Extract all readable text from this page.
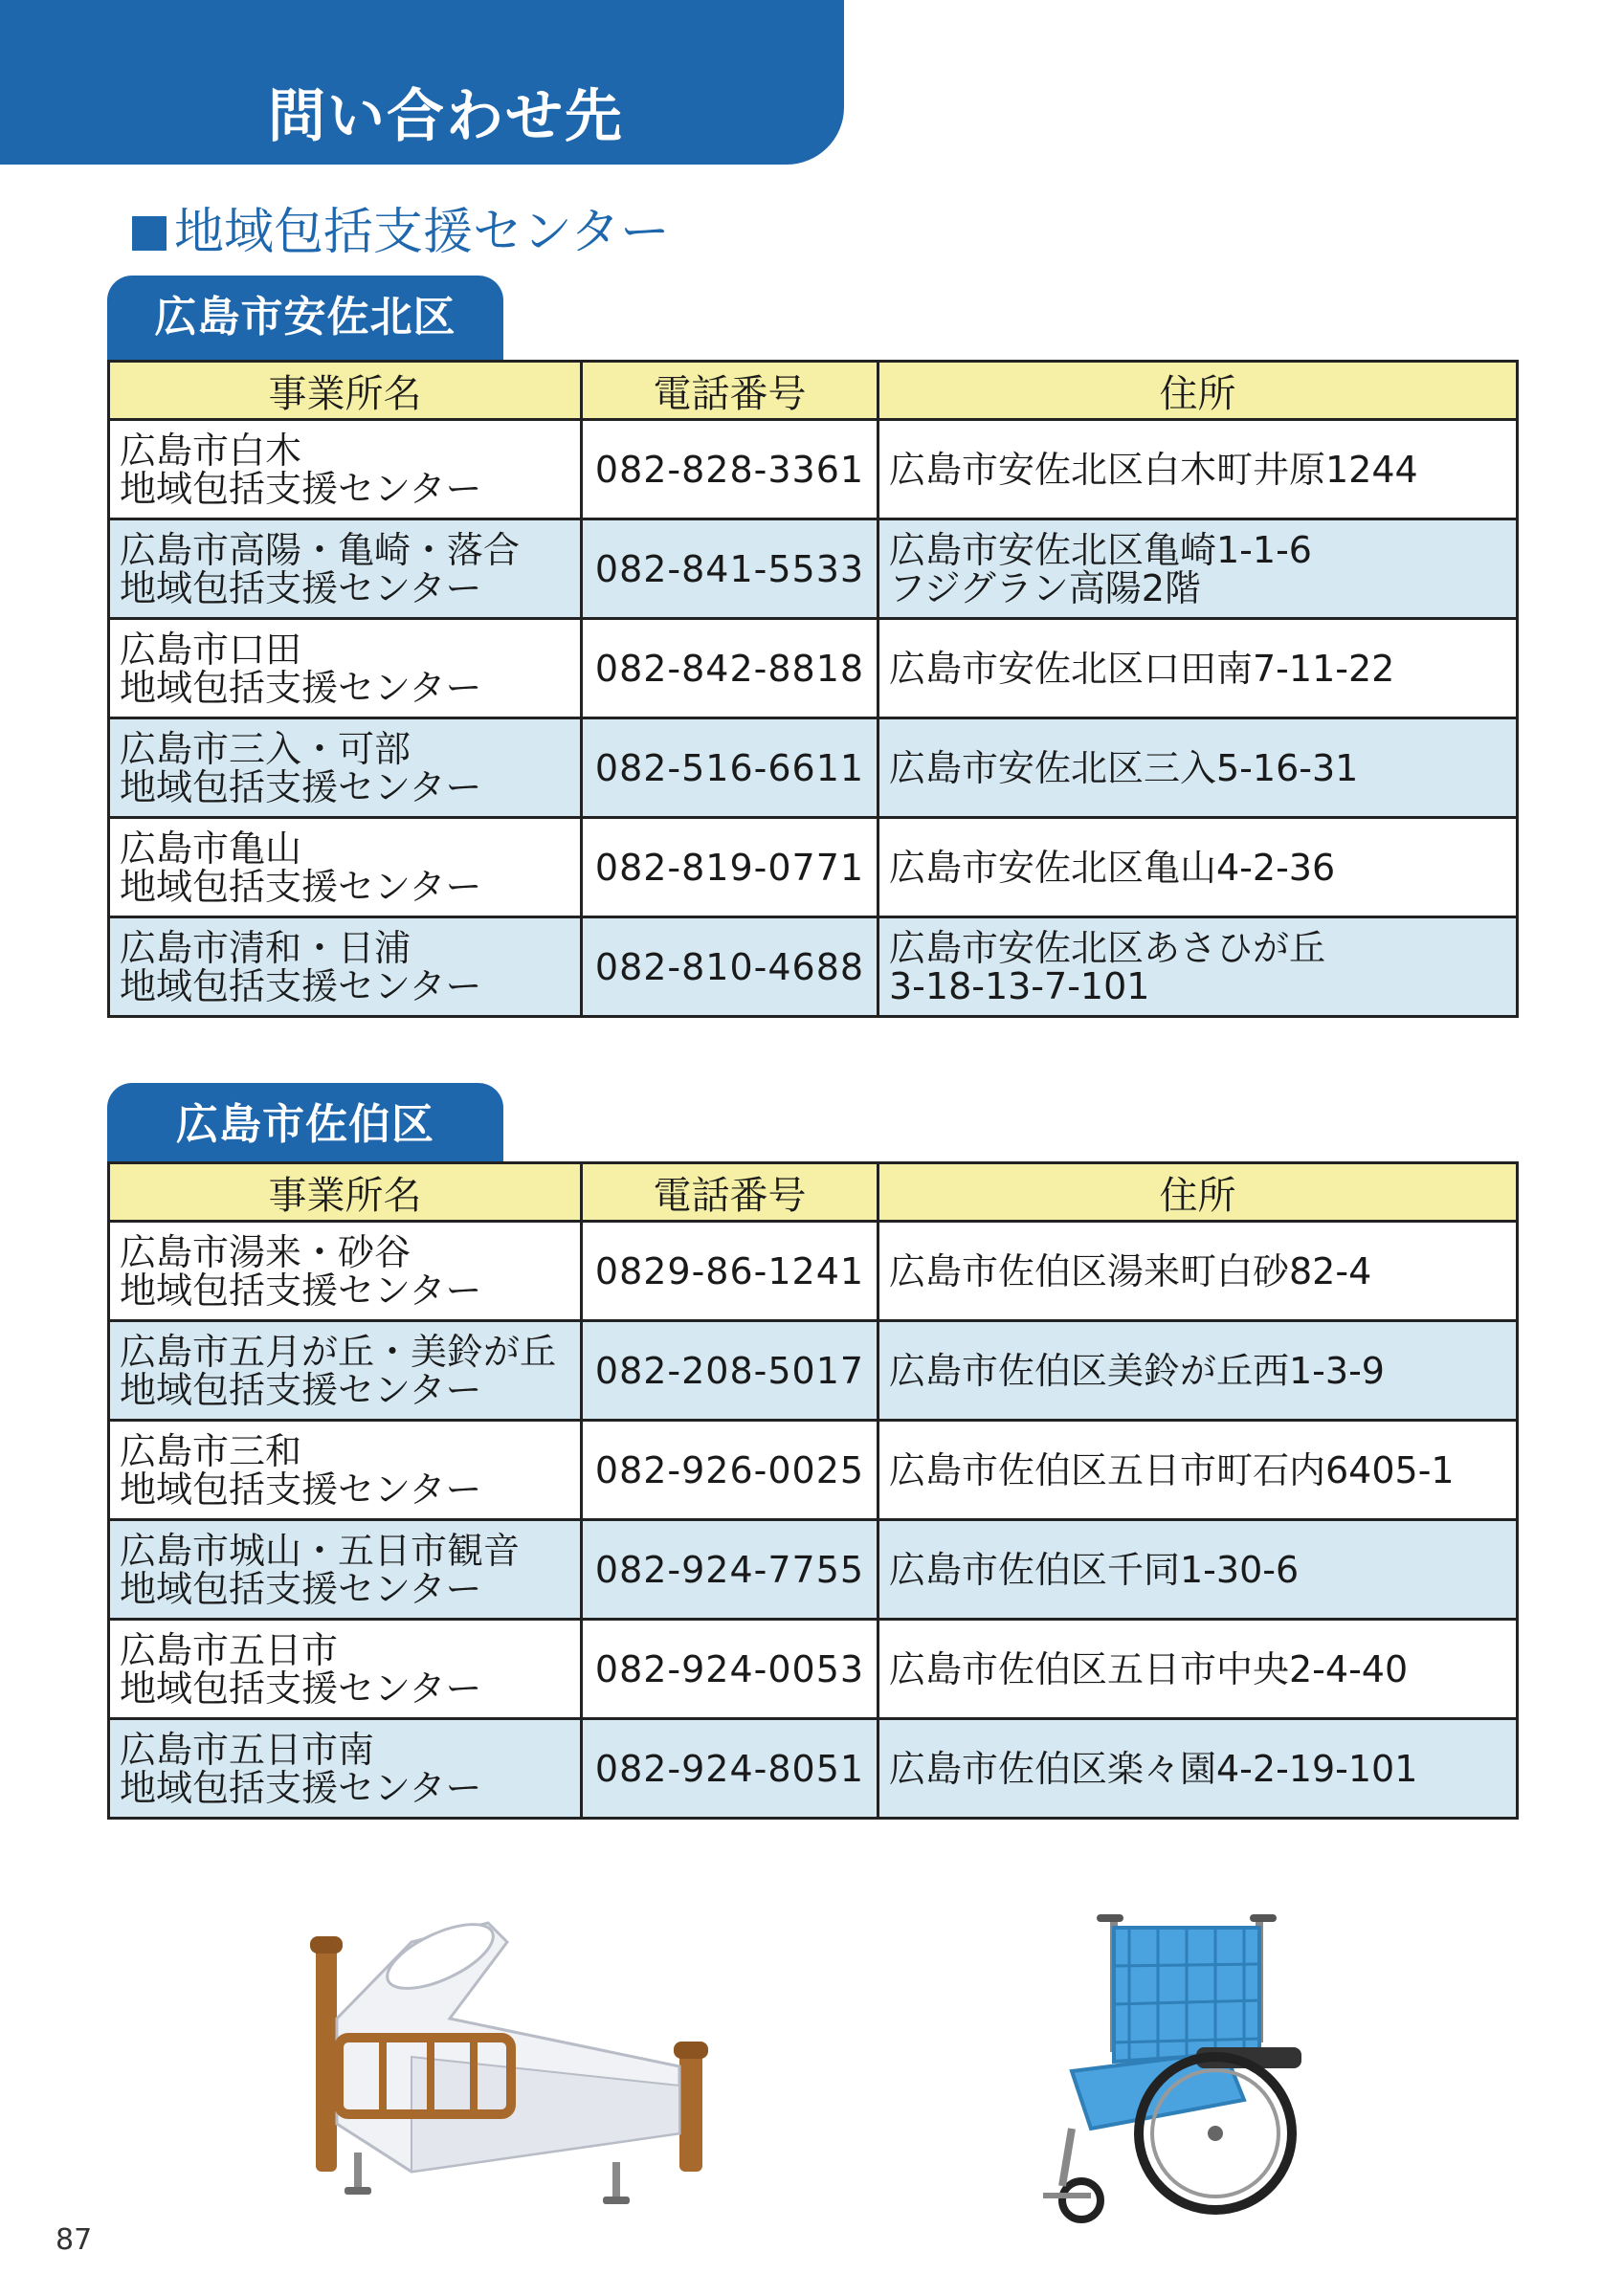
問い合わせ先
地域包括支援センター
広島市安佐北区
事業所名	電話番号	住所
広島市白木
地域包括支援センター	082-828-3361	広島市安佐北区白木町井原1244
広島市高陽・亀崎・落合
地域包括支援センター	082-841-5533	広島市安佐北区亀崎1-1-6
フジグラン高陽2階
広島市口田
地域包括支援センター	082-842-8818	広島市安佐北区口田南7-11-22
広島市三入・可部
地域包括支援センター	082-516-6611	広島市安佐北区三入5-16-31
広島市亀山
地域包括支援センター	082-819-0771	広島市安佐北区亀山4-2-36
広島市清和・日浦
地域包括支援センター	082-810-4688	広島市安佐北区あさひが丘
3-18-13-7-101
広島市佐伯区
事業所名	電話番号	住所
広島市湯来・砂谷
地域包括支援センター	0829-86-1241	広島市佐伯区湯来町白砂82-4
広島市五月が丘・美鈴が丘
地域包括支援センター	082-208-5017	広島市佐伯区美鈴が丘西1-3-9
広島市三和
地域包括支援センター	082-926-0025	広島市佐伯区五日市町石内6405-1
広島市城山・五日市観音
地域包括支援センター	082-924-7755	広島市佐伯区千同1-30-6
広島市五日市
地域包括支援センター	082-924-0053	広島市佐伯区五日市中央2-4-40
広島市五日市南
地域包括支援センター	082-924-8051	広島市佐伯区楽々園4-2-19-101
87
